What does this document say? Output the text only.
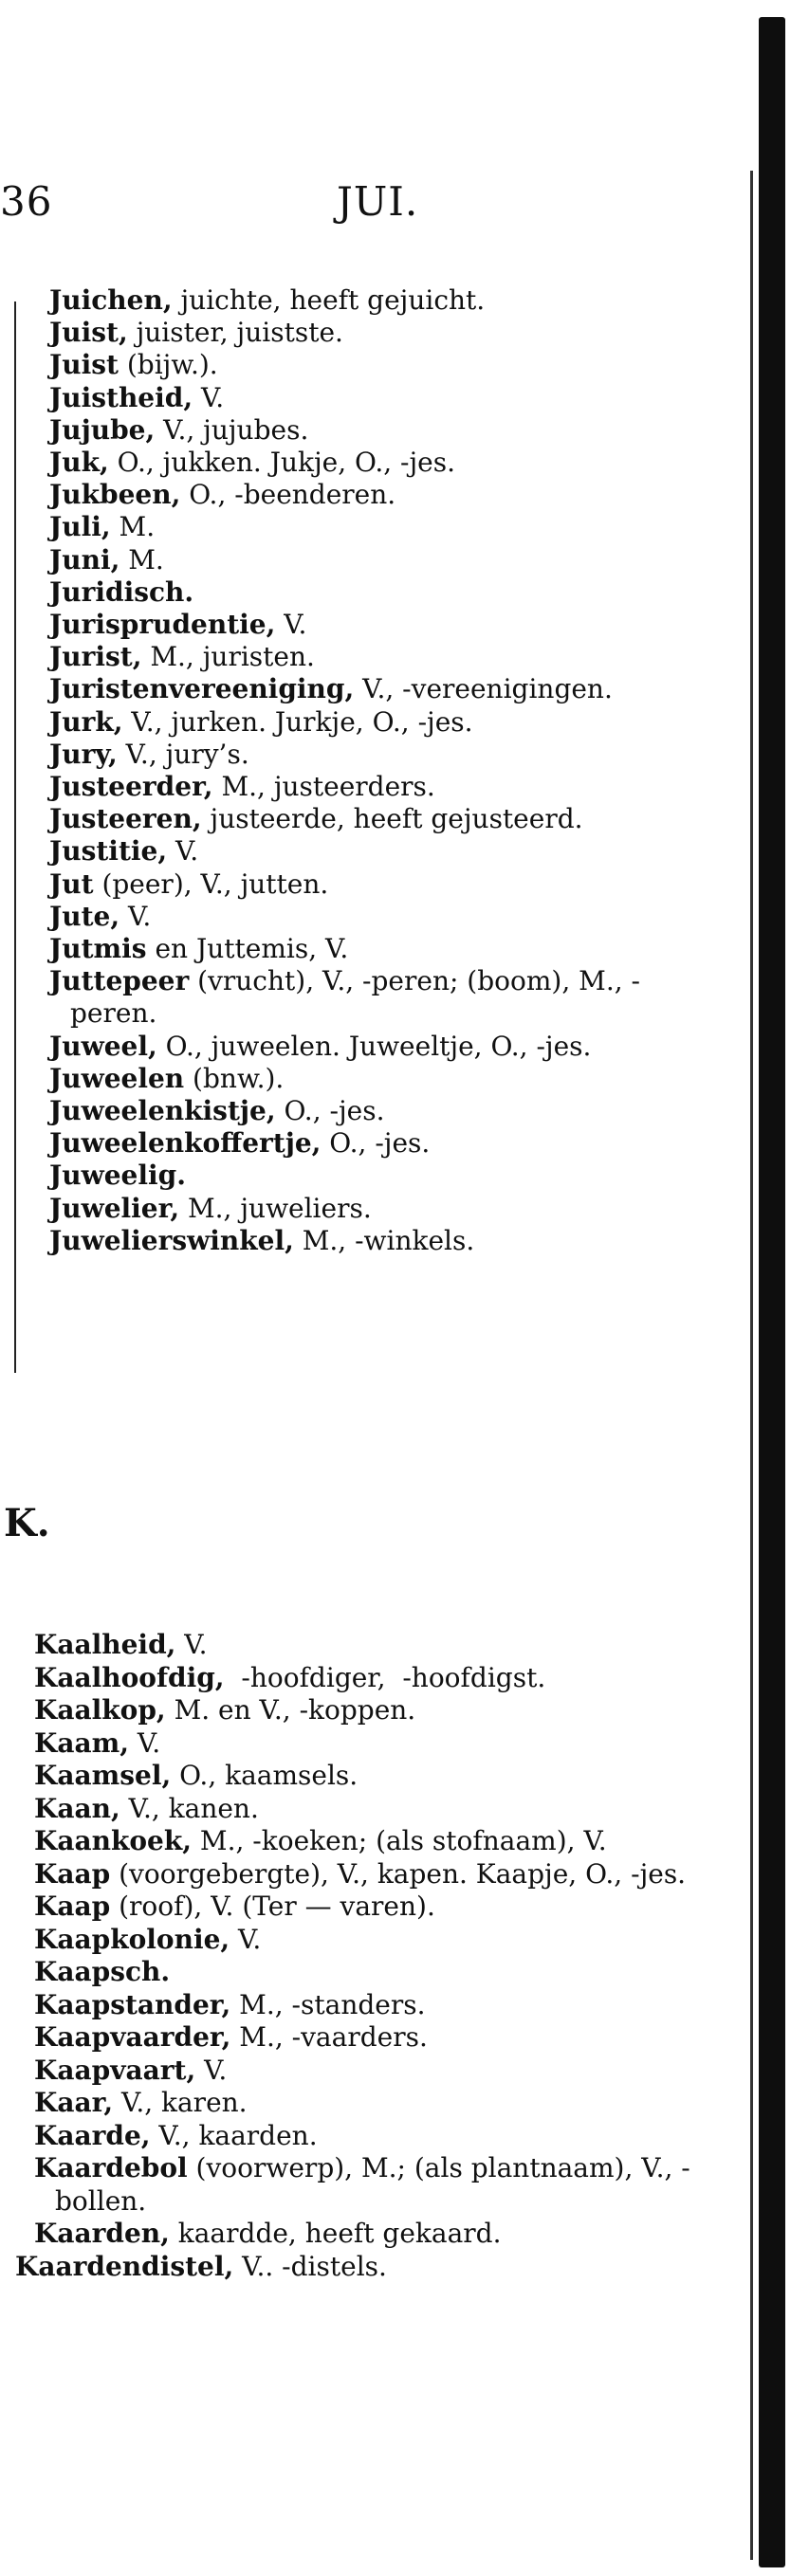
36	JUI.
Juichen, juichte, heeft gejuicht.
Juist, juister, juistste.
Juist (bijw.).
Juistheid, V.
Jujube, V., jujubes.
Juk, O., jukken. Jukje, O., -jes.
Jukbeen, O., -beenderen.
Juli, M.
Juni, M.
Juridisch.
Jurisprudentie, V.
Jurist, M., juristen.
Juristenvereeniging, V., -vereenigingen.
Jurk, V., jurken. Jurkje, O., -jes.
Jury, V., jury’s.
Justeerder, M., justeerders.
Justeeren, justeerde, heeft gejusteerd.
Justitie, V.
Jut (peer), V., jutten.
Jute, V.
Jutmis en Juttemis, V.
Juttepeer (vrucht), V., -peren; (boom), M., -peren.
Juweel, O., juweelen. Juweeltje, O., -jes.
Juweelen (bnw.).
Juweelenkistje, O., -jes.
Juweelenkoffertje, O., -jes.
Juweelig.
Juwelier, M., juweliers.
Juwelierswinkel, M., -winkels.
K.
Kaalheid, V.
Kaalhoofdig,  -hoofdiger,  -hoofdigst.
Kaalkop, M. en V., -koppen.
Kaam, V.
Kaamsel, O., kaamsels.
Kaan, V., kanen.
Kaankoek, M., -koeken; (als stofnaam), V.
Kaap (voorgebergte), V., kapen. Kaapje, O., -jes.
Kaap (roof), V. (Ter — varen).
Kaapkolonie, V.
Kaapsch.
Kaapstander, M., -standers.
Kaapvaarder, M., -vaarders.
Kaapvaart, V.
Kaar, V., karen.
Kaarde, V., kaarden.
Kaardebol (voorwerp), M.; (als plantnaam), V., -bollen.
Kaarden, kaardde, heeft gekaard.
Kaardendistel, V.. -distels.
